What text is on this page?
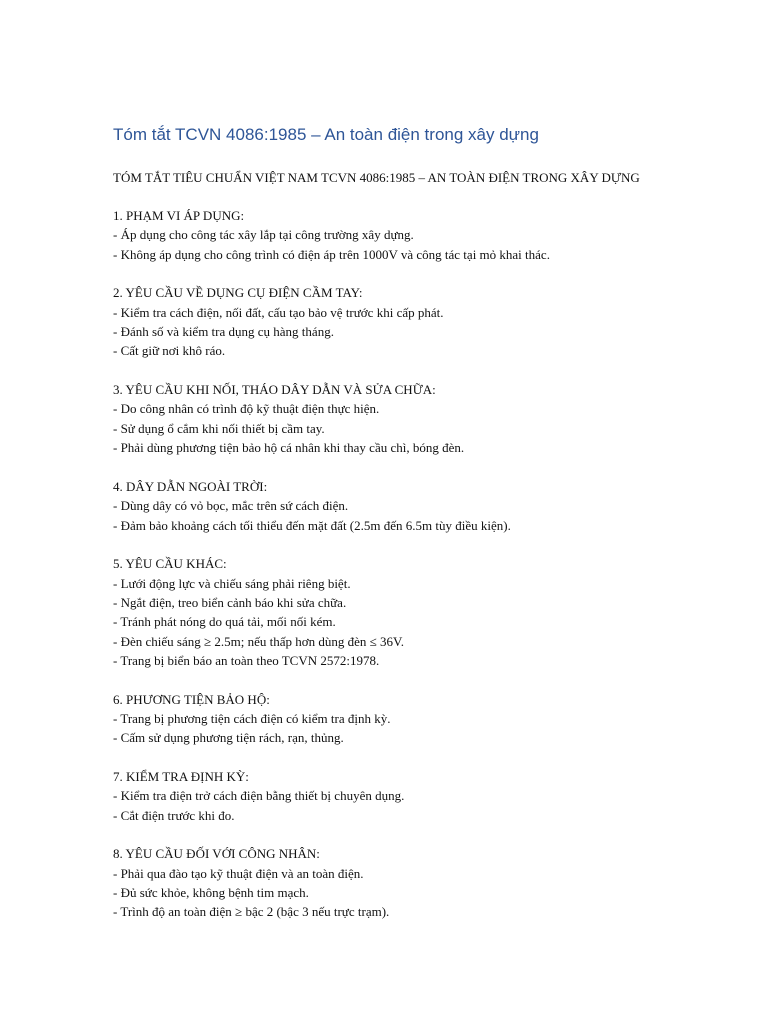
Tóm tắt TCVN 4086:1985 – An toàn điện trong xây dựng
TÓM TẮT TIÊU CHUẨN VIỆT NAM TCVN 4086:1985 – AN TOÀN ĐIỆN TRONG XÂY DỰNG
1. PHẠM VI ÁP DỤNG:
- Áp dụng cho công tác xây lắp tại công trường xây dựng.
- Không áp dụng cho công trình có điện áp trên 1000V và công tác tại mỏ khai thác.
2. YÊU CẦU VỀ DỤNG CỤ ĐIỆN CẦM TAY:
- Kiểm tra cách điện, nối đất, cấu tạo bảo vệ trước khi cấp phát.
- Đánh số và kiểm tra dụng cụ hàng tháng.
- Cất giữ nơi khô ráo.
3. YÊU CẦU KHI NỐI, THÁO DÂY DẪN VÀ SỬA CHỮA:
- Do công nhân có trình độ kỹ thuật điện thực hiện.
- Sử dụng ổ cắm khi nối thiết bị cầm tay.
- Phải dùng phương tiện bảo hộ cá nhân khi thay cầu chì, bóng đèn.
4. DÂY DẪN NGOÀI TRỜI:
- Dùng dây có vỏ bọc, mắc trên sứ cách điện.
- Đảm bảo khoảng cách tối thiểu đến mặt đất (2.5m đến 6.5m tùy điều kiện).
5. YÊU CẦU KHÁC:
- Lưới động lực và chiếu sáng phải riêng biệt.
- Ngắt điện, treo biển cảnh báo khi sửa chữa.
- Tránh phát nóng do quá tải, mối nối kém.
- Đèn chiếu sáng ≥ 2.5m; nếu thấp hơn dùng đèn ≤ 36V.
- Trang bị biển báo an toàn theo TCVN 2572:1978.
6. PHƯƠNG TIỆN BẢO HỘ:
- Trang bị phương tiện cách điện có kiểm tra định kỳ.
- Cấm sử dụng phương tiện rách, rạn, thủng.
7. KIỂM TRA ĐỊNH KỲ:
- Kiểm tra điện trở cách điện bằng thiết bị chuyên dụng.
- Cắt điện trước khi đo.
8. YÊU CẦU ĐỐI VỚI CÔNG NHÂN:
- Phải qua đào tạo kỹ thuật điện và an toàn điện.
- Đủ sức khỏe, không bệnh tim mạch.
- Trình độ an toàn điện ≥ bậc 2 (bậc 3 nếu trực trạm).
